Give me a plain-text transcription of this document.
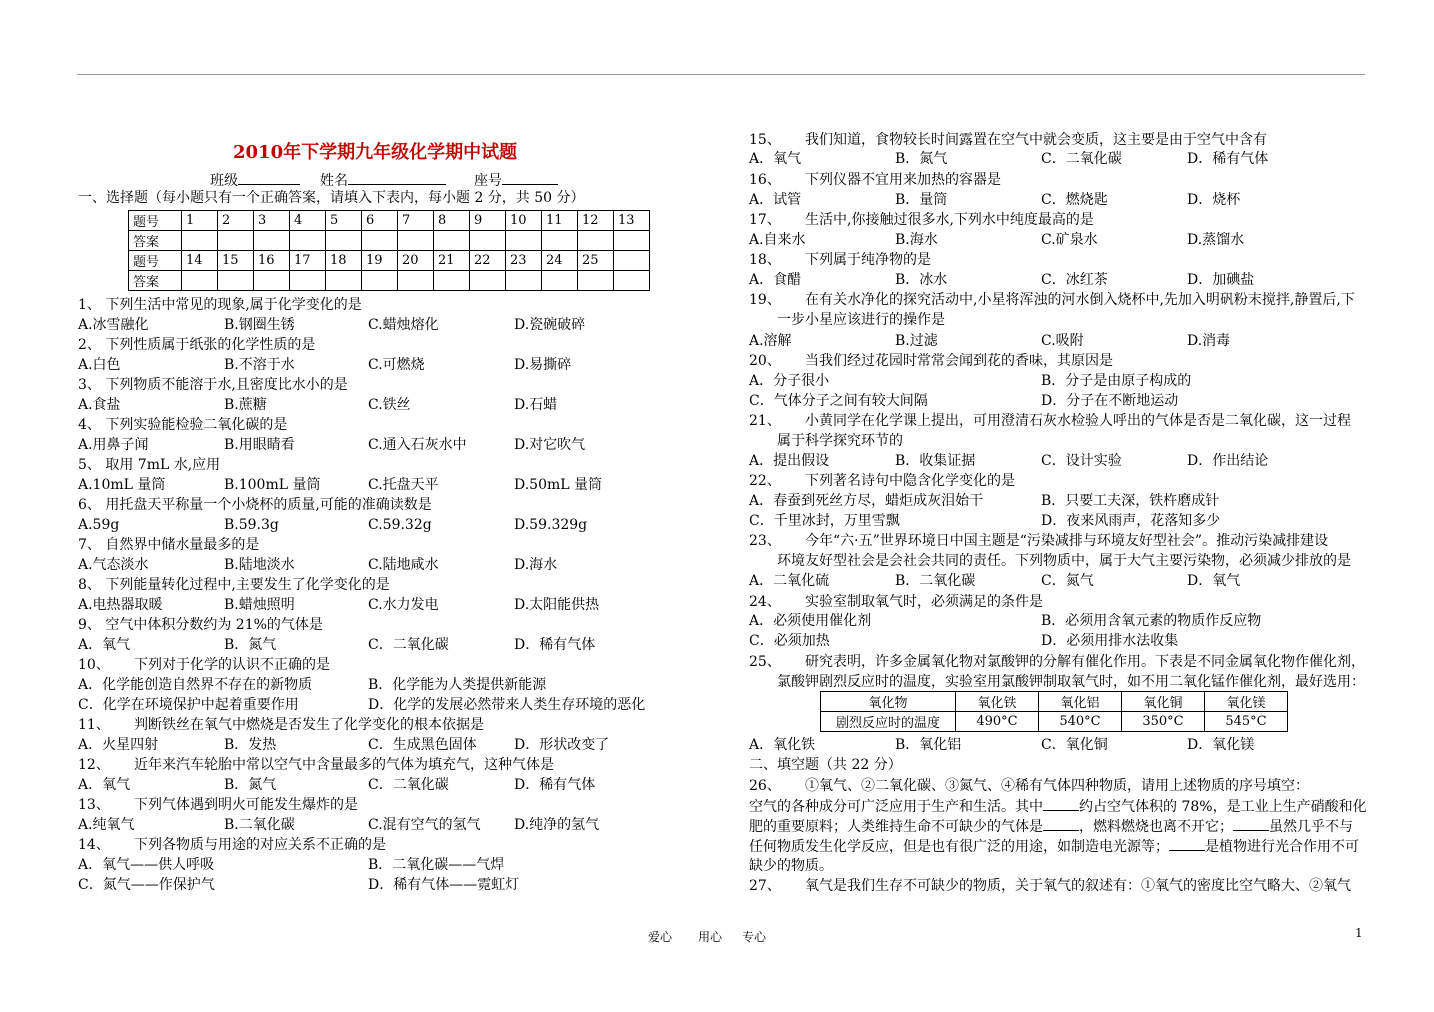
2010年下学期九年级化学期中试题
班级	姓名	座号
一、选择题（每小题只有一个正确答案，请填入下表内，每小题 2 分，共 50 分）
题号	1	2	3	4	5	6	7	8	9	10	11	12	13
答案													
题号	14	15	16	17	18	19	20	21	22	23	24	25	
答案													
1、 下列生活中常见的现象,属于化学变化的是
A.冰雪融化	B.钢圈生锈	C.蜡烛熔化	D.瓷碗破碎
2、 下列性质属于纸张的化学性质的是
A.白色	B.不溶于水	C.可燃烧	D.易撕碎
3、 下列物质不能溶于水,且密度比水小的是
A.食盐	B.蔗糖	C.铁丝	D.石蜡
4、 下列实验能检验二氧化碳的是
A.用鼻子闻	B.用眼睛看	C.通入石灰水中	D.对它吹气
5、 取用 7mL 水,应用
A.10mL 量筒	B.100mL 量筒	C.托盘天平	D.50mL 量筒
6、 用托盘天平称量一个小烧杯的质量,可能的准确读数是
A.59g	B.59.3g	C.59.32g	D.59.329g
7、 自然界中储水量最多的是
A.气态淡水	B.陆地淡水	C.陆地咸水	D.海水
8、 下列能量转化过程中,主要发生了化学变化的是
A.电热器取暖	B.蜡烛照明	C.水力发电	D.太阳能供热
9、 空气中体积分数约为 21%的气体是
A．氧气	B．氮气	C．二氧化碳	D．稀有气体
10、 下列对于化学的认识不正确的是
A．化学能创造自然界不存在的新物质	B．化学能为人类提供新能源
C．化学在环境保护中起着重要作用	D．化学的发展必然带来人类生存环境的恶化
11、 判断铁丝在氧气中燃烧是否发生了化学变化的根本依据是
A．火星四射	B．发热	C．生成黑色固体	D．形状改变了
12、 近年来汽车轮胎中常以空气中含量最多的气体为填充气，这种气体是
A．氧气	B．氮气	C．二氧化碳	D．稀有气体
13、 下列气体遇到明火可能发生爆炸的是
A.纯氧气	B.二氧化碳	C.混有空气的氢气 D.纯净的氢气
14、 下列各物质与用途的对应关系不正确的是
A．氧气——供人呼吸	B．二氧化碳——气焊
C．氮气——作保护气	D．稀有气体——霓虹灯
15、 我们知道，食物较长时间露置在空气中就会变质，这主要是由于空气中含有
A．氧气	B．氮气	C．二氧化碳	D．稀有气体
16、 下列仪器不宜用来加热的容器是
A．试管	B．量筒	C．燃烧匙	D．烧杯
17、 生活中,你接触过很多水,下列水中纯度最高的是
A.自来水	B.海水	C.矿泉水	D.蒸馏水
18、 下列属于纯净物的是
A．食醋	B．冰水	C．冰红茶	D．加碘盐
19、 在有关水净化的探究活动中,小星将浑浊的河水倒入烧杯中,先加入明矾粉末搅拌,静置后,下
一步小星应该进行的操作是
A.溶解	B.过滤	C.吸附	D.消毒
20、 当我们经过花园时常常会闻到花的香味，其原因是
A．分子很小	B．分子是由原子构成的
C．气体分子之间有较大间隔	D．分子在不断地运动
21、 小黄同学在化学课上提出，可用澄清石灰水检验人呼出的气体是否是二氧化碳，这一过程
属于科学探究环节的
A．提出假设	B．收集证据	C．设计实验	D．作出结论
22、 下列著名诗句中隐含化学变化的是
A．春蚕到死丝方尽，蜡炬成灰泪始干	B．只要工夫深，铁杵磨成针
C．千里冰封，万里雪飘	D．夜来风雨声，花落知多少
23、 今年“六·五”世界环境日中国主题是“污染减排与环境友好型社会”。推动污染减排建设
环境友好型社会是会社会共同的责任。下列物质中，属于大气主要污染物，必须减少排放的是
A．二氧化硫	B．二氧化碳	C．氮气	D．氧气
24、 实验室制取氧气时，必须满足的条件是
A．必须使用催化剂	B．必须用含氧元素的物质作反应物
C．必须加热	D．必须用排水法收集
25、 研究表明，许多金属氧化物对氯酸钾的分解有催化作用。下表是不同金属氧化物作催化剂，
氯酸钾剧烈反应时的温度，实验室用氯酸钾制取氧气时，如不用二氧化锰作催化剂，最好选用：
氧化物	氧化铁	氧化铝	氧化铜	氧化镁
剧烈反应时的温度	490°C	540°C	350°C	545°C
A．氧化铁	B．氧化铝	C．氧化铜	D．氧化镁
二、填空题（共 22 分）
26、 ①氧气、②二氧化碳、③氮气、④稀有气体四种物质，请用上述物质的序号填空：
空气的各种成分可广泛应用于生产和生活。其中	约占空气体积的 78%，是工业上生产硝酸和化
肥的重要原料；人类维持生命不可缺少的气体是	，燃料燃烧也离不开它；	虽然几乎不与
任何物质发生化学反应，但是也有很广泛的用途，如制造电光源等；	是植物进行光合作用不可
缺少的物质。
27、 氧气是我们生存不可缺少的物质，关于氧气的叙述有：①氧气的密度比空气略大、②氧气
爱心 用心 专心	1
